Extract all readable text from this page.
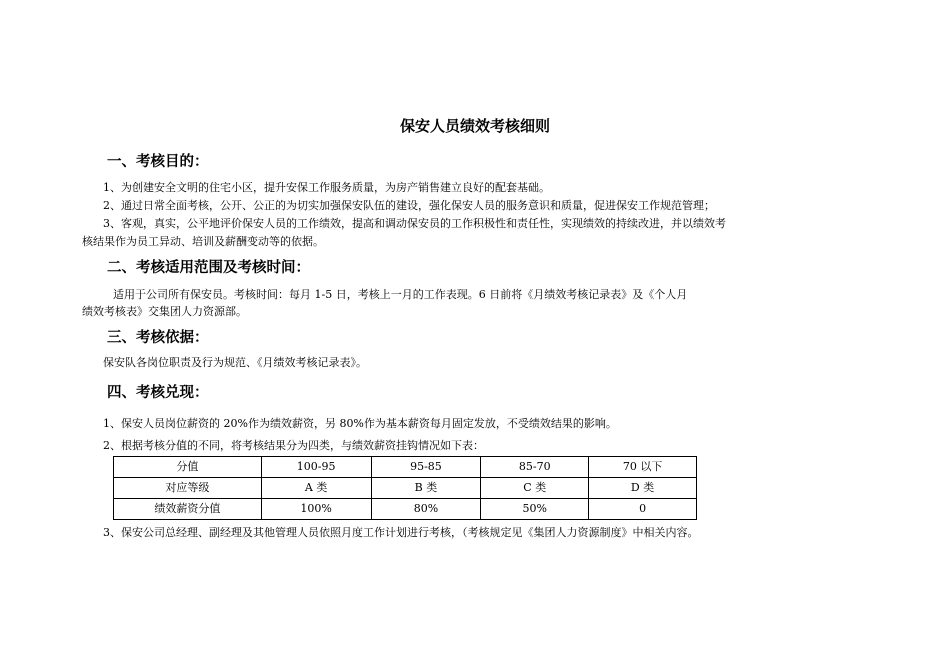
保安人员绩效考核细则
一、考核目的：
1、为创建安全文明的住宅小区，提升安保工作服务质量，为房产销售建立良好的配套基础。
2、通过日常全面考核，公开、公正的为切实加强保安队伍的建设，强化保安人员的服务意识和质量，促进保安工作规范管理；
3、客观，真实，公平地评价保安人员的工作绩效，提高和调动保安员的工作积极性和责任性，实现绩效的持续改进，并以绩效考
核结果作为员工异动、培训及薪酬变动等的依据。
二、考核适用范围及考核时间：
适用于公司所有保安员。考核时间：每月 1-5 日，考核上一月的工作表现。6 日前将《月绩效考核记录表》及《个人月
绩效考核表》交集团人力资源部。
三、考核依据：
保安队各岗位职责及行为规范、《月绩效考核记录表》。
四、考核兑现：
1、保安人员岗位薪资的 20%作为绩效薪资，另 80%作为基本薪资每月固定发放，不受绩效结果的影响。
2、根据考核分值的不同，将考核结果分为四类，与绩效薪资挂钩情况如下表：
分值	100-95	95-85	85-70	70 以下
对应等级	A 类	B 类	C 类	D 类
绩效薪资分值	100%	80%	50%	0
3、保安公司总经理、副经理及其他管理人员依照月度工作计划进行考核，（考核规定见《集团人力资源制度》中相关内容。
